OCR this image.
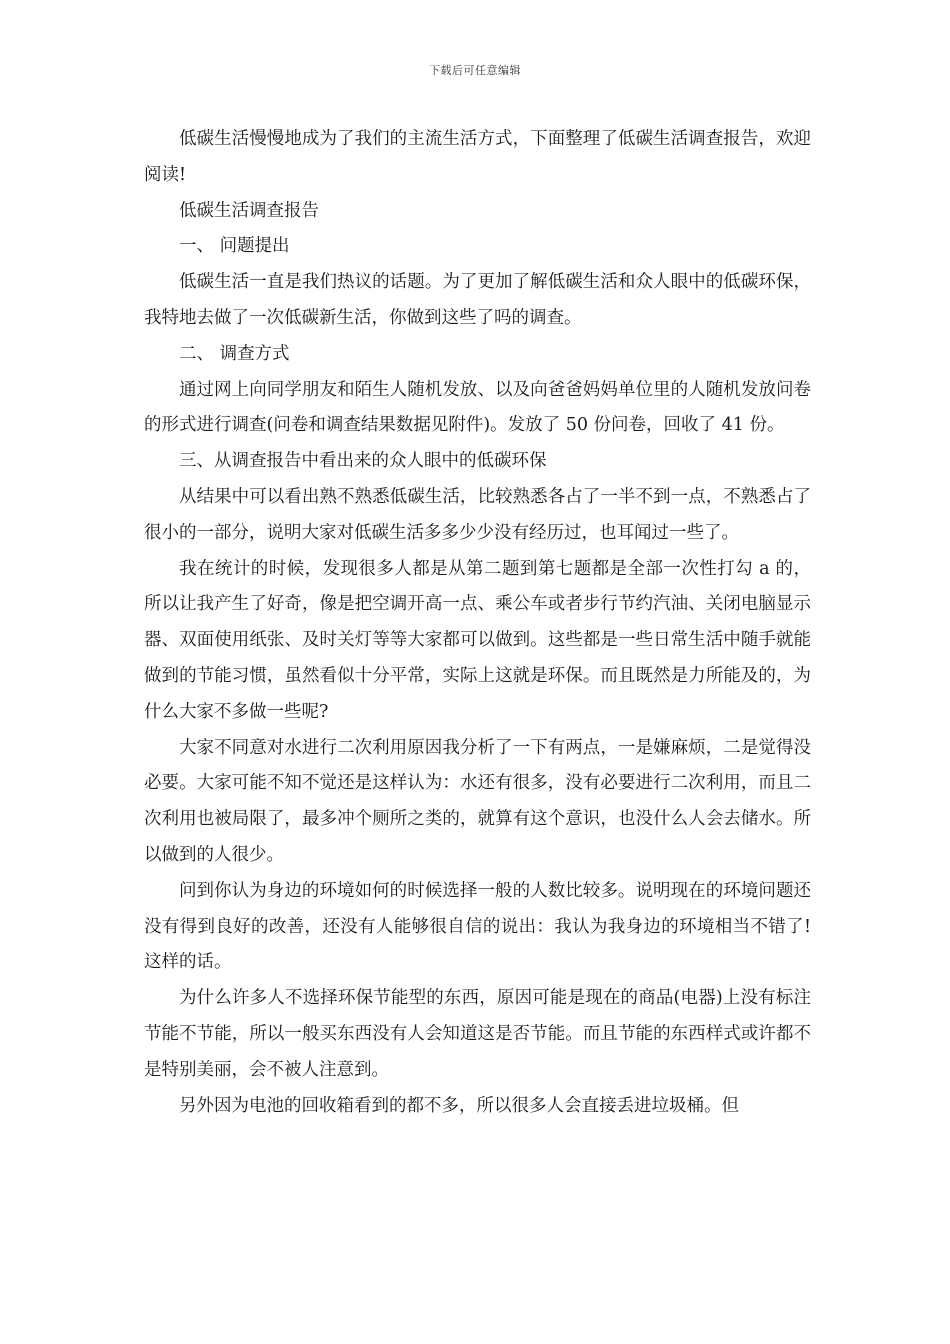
下载后可任意编辑

低碳生活慢慢地成为了我们的主流生活方式，下面整理了低碳生活调查报告，欢迎阅读!

低碳生活调查报告

一、 问题提出

低碳生活一直是我们热议的话题。为了更加了解低碳生活和众人眼中的低碳环保，我特地去做了一次低碳新生活，你做到这些了吗的调查。

二、 调查方式

通过网上向同学朋友和陌生人随机发放、以及向爸爸妈妈单位里的人随机发放问卷的形式进行调查(问卷和调查结果数据见附件)。发放了 50 份问卷，回收了 41 份。

三、从调查报告中看出来的众人眼中的低碳环保

从结果中可以看出熟不熟悉低碳生活，比较熟悉各占了一半不到一点，不熟悉占了很小的一部分，说明大家对低碳生活多多少少没有经历过，也耳闻过一些了。

我在统计的时候，发现很多人都是从第二题到第七题都是全部一次性打勾 a 的，所以让我产生了好奇，像是把空调开高一点、乘公车或者步行节约汽油、关闭电脑显示器、双面使用纸张、及时关灯等等大家都可以做到。这些都是一些日常生活中随手就能做到的节能习惯，虽然看似十分平常，实际上这就是环保。而且既然是力所能及的，为什么大家不多做一些呢?

大家不同意对水进行二次利用原因我分析了一下有两点，一是嫌麻烦，二是觉得没必要。大家可能不知不觉还是这样认为：水还有很多，没有必要进行二次利用，而且二次利用也被局限了，最多冲个厕所之类的，就算有这个意识，也没什么人会去储水。所以做到的人很少。

问到你认为身边的环境如何的时候选择一般的人数比较多。说明现在的环境问题还没有得到良好的改善，还没有人能够很自信的说出：我认为我身边的环境相当不错了!这样的话。

为什么许多人不选择环保节能型的东西，原因可能是现在的商品(电器)上没有标注节能不节能，所以一般买东西没有人会知道这是否节能。而且节能的东西样式或许都不是特别美丽，会不被人注意到。

另外因为电池的回收箱看到的都不多，所以很多人会直接丢进垃圾桶。但
